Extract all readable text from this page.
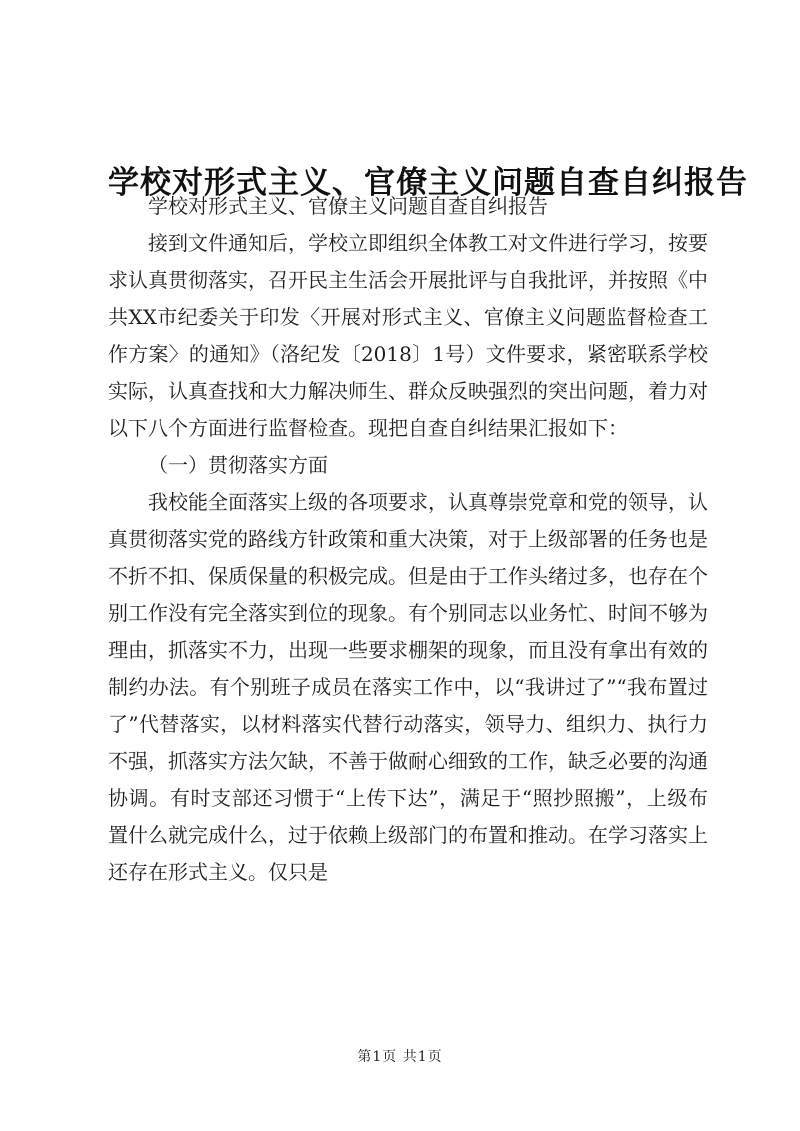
学校对形式主义、官僚主义问题自查自纠报告

学校对形式主义、官僚主义问题自查自纠报告

接到文件通知后，学校立即组织全体教工对文件进行学习，按要求认真贯彻落实，召开民主生活会开展批评与自我批评，并按照《中共XX市纪委关于印发〈开展对形式主义、官僚主义问题监督检查工作方案〉的通知》（洛纪发〔2018〕1号）文件要求，紧密联系学校实际，认真查找和大力解决师生、群众反映强烈的突出问题，着力对以下八个方面进行监督检查。现把自查自纠结果汇报如下：

（一）贯彻落实方面

我校能全面落实上级的各项要求，认真尊崇党章和党的领导，认真贯彻落实党的路线方针政策和重大决策，对于上级部署的任务也是不折不扣、保质保量的积极完成。但是由于工作头绪过多，也存在个别工作没有完全落实到位的现象。有个别同志以业务忙、时间不够为理由，抓落实不力，出现一些要求棚架的现象，而且没有拿出有效的制约办法。有个别班子成员在落实工作中，以“我讲过了”“我布置过了”代替落实，以材料落实代替行动落实，领导力、组织力、执行力不强，抓落实方法欠缺，不善于做耐心细致的工作，缺乏必要的沟通协调。有时支部还习惯于“上传下达”，满足于“照抄照搬”，上级布置什么就完成什么，过于依赖上级部门的布置和推动。在学习落实上还存在形式主义。仅只是

第1页 共1页
